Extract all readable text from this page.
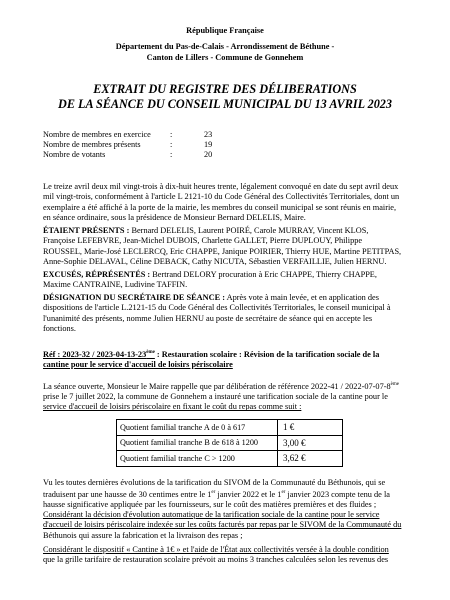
République Française
Département du Pas-de-Calais - Arrondissement de Béthune -
Canton de Lillers - Commune de Gonnehem
EXTRAIT DU REGISTRE DES DÉLIBERATIONS
DE LA SÉANCE DU CONSEIL MUNICIPAL DU 13 AVRIL 2023
Nombre de membres en exercice	:	23
Nombre de membres présents	:	19
Nombre de votants	:	20
Le treize avril deux mil vingt-trois à dix-huit heures trente, légalement convoqué en date du sept avril deux
mil vingt-trois, conformément à l'article L 2121-10 du Code Général des Collectivités Territoriales, dont un
exemplaire a été affiché à la porte de la mairie, les membres du conseil municipal se sont réunis en mairie,
en séance ordinaire, sous la présidence de Monsieur Bernard DELELIS, Maire.
ÉTAIENT PRÉSENTS : Bernard DELELIS, Laurent POIRÉ, Carole MURRAY, Vincent KLOS,
Françoise LEFEBVRE, Jean-Michel DUBOIS, Charlette GALLET, Pierre DUPLOUY, Philippe
ROUSSEL, Marie-José LECLERCQ, Eric CHAPPE, Janique POIRIER, Thierry HUE, Martine PETITPAS,
Anne-Sophie DELAVAL, Céline DEBACK, Cathy NICUTA, Sébastien VERFAILLIE, Julien HERNU.
EXCUSÉS, RÉPRÉSENTÉS : Bertrand DELORY procuration à Eric CHAPPE, Thierry CHAPPE,
Maxime CANTRAINE, Ludivine TAFFIN.
DÉSIGNATION DU SECRÉTAIRE DE SÉANCE : Après vote à main levée, et en application des
dispositions de l'article L.2121-15 du Code Général des Collectivités Territoriales, le conseil municipal à
l'unanimité des présents, nomme Julien HERNU au poste de secrétaire de séance qui en accepte les
fonctions.
Réf : 2023-32 / 2023-04-13-23ème : Restauration scolaire : Révision de la tarification sociale de la
cantine pour le service d'accueil de loisirs périscolaire
La séance ouverte, Monsieur le Maire rappelle que par délibération de référence 2022-41 / 2022-07-07-8ème
prise le 7 juillet 2022, la commune de Gonnehem a instauré une tarification sociale de la cantine pour le
service d'accueil de loisirs périscolaire en fixant le coût du repas comme suit :
Quotient familial tranche A de 0 à 617	1 €
Quotient familial tranche B de 618 à 1200	3,00 €
Quotient familial tranche C > 1200	3,62 €
Vu les toutes dernières évolutions de la tarification du SIVOM de la Communauté du Béthunois, qui se
traduisent par une hausse de 30 centimes entre le 1er janvier 2022 et le 1er janvier 2023 compte tenu de la
hausse significative appliquée par les fournisseurs, sur le coût des matières premières et des fluides ;
Considérant la décision d'évolution automatique de la tarification sociale de la cantine pour le service
d'accueil de loisirs périscolaire indexée sur les coûts facturés par repas par le SIVOM de la Communauté du
Béthunois qui assure la fabrication et la livraison des repas ;
Considérant le dispositif « Cantine à 1€ » et l'aide de l'État aux collectivités versée à la double condition
que la grille tarifaire de restauration scolaire prévoit au moins 3 tranches calculées selon les revenus des
